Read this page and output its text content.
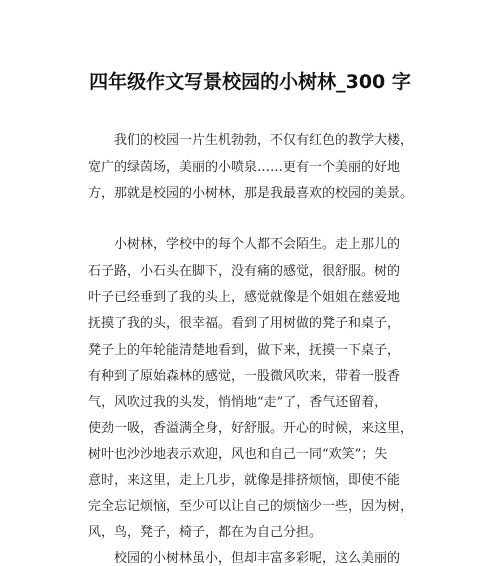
四年级作文写景校园的小树林_300 字
我们的校园一片生机勃勃，不仅有红色的教学大楼，
宽广的绿茵场，美丽的小喷泉……更有一个美丽的好地
方，那就是校园的小树林，那是我最喜欢的校园的美景。
小树林，学校中的每个人都不会陌生。走上那儿的
石子路，小石头在脚下，没有痛的感觉，很舒服。树的
叶子已经垂到了我的头上，感觉就像是个姐姐在慈爱地
抚摸了我的头，很幸福。看到了用树做的凳子和桌子，
凳子上的年轮能清楚地看到，做下来，抚摸一下桌子，
有种到了原始森林的感觉，一股微风吹来，带着一股香
气，风吹过我的头发，悄悄地“走”了，香气还留着，
使劲一吸，香溢满全身，好舒服。开心的时候，来这里，
树叶也沙沙地表示欢迎，风也和自己一同“欢笑”；失
意时，来这里，走上几步，就像是排挤烦恼，即使不能
完全忘记烦恼，至少可以让自己的烦恼少一些，因为树，
风，鸟，凳子，椅子，都在为自己分担。
校园的小树林虽小，但却丰富多彩呢，这么美丽的
